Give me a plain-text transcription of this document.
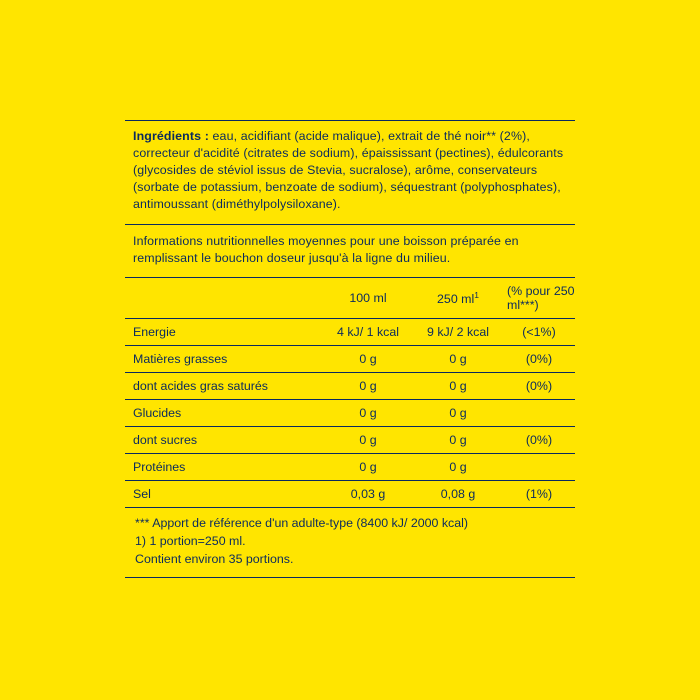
Ingrédients : eau, acidifiant (acide malique), extrait de thé noir** (2%), correcteur d'acidité (citrates de sodium), épaississant (pectines), édulcorants (glycosides de stéviol issus de Stevia, sucralose), arôme, conservateurs (sorbate de potassium, benzoate de sodium), séquestrant (polyphosphates), antimoussant (diméthylpolysiloxane).
Informations nutritionnelles moyennes pour une boisson préparée en remplissant le bouchon doseur jusqu'à la ligne du milieu.
	100 ml	250 $ml^1$	(% pour 250 ml***)
Energie	4 kJ/ 1 kcal	9 kJ/ 2 kcal	(<1%)
Matières grasses	0 g	0 g	(0%)
dont acides gras saturés	0 g	0 g	(0%)
Glucides	0 g	0 g	
dont sucres	0 g	0 g	(0%)
Protéines	0 g	0 g	
Sel	0,03 g	0,08 g	(1%)
*** Apport de référence d'un adulte-type (8400 kJ/ 2000 kcal)
1) 1 portion=250 ml.
Contient environ 35 portions.
